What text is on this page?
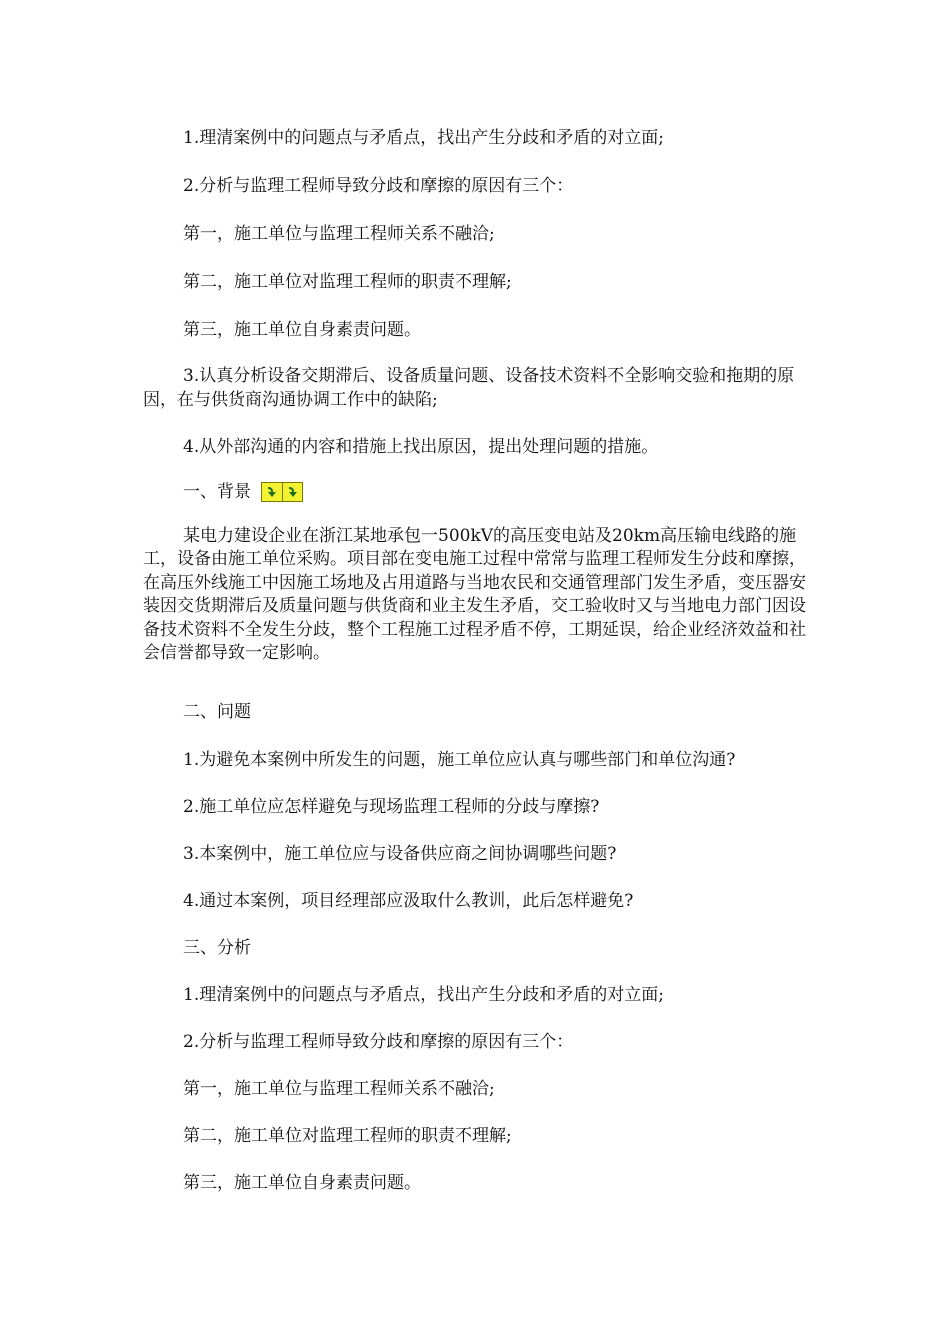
1.理清案例中的问题点与矛盾点，找出产生分歧和矛盾的对立面;

2.分析与监理工程师导致分歧和摩擦的原因有三个：

第一，施工单位与监理工程师关系不融洽;

第二，施工单位对监理工程师的职责不理解;

第三，施工单位自身素责问题。

3.认真分析设备交期滞后、设备质量问题、设备技术资料不全影响交验和拖期的原因，在与供货商沟通协调工作中的缺陷;

4.从外部沟通的内容和措施上找出原因，提出处理问题的措施。

一、背景

某电力建设企业在浙江某地承包一500kV的高压变电站及20km高压输电线路的施工，设备由施工单位采购。项目部在变电施工过程中常常与监理工程师发生分歧和摩擦，在高压外线施工中因施工场地及占用道路与当地农民和交通管理部门发生矛盾，变压器安装因交货期滞后及质量问题与供货商和业主发生矛盾，交工验收时又与当地电力部门因设备技术资料不全发生分歧，整个工程施工过程矛盾不停，工期延误，给企业经济效益和社会信誉都导致一定影响。

二、问题

1.为避免本案例中所发生的问题，施工单位应认真与哪些部门和单位沟通?

2.施工单位应怎样避免与现场监理工程师的分歧与摩擦?

3.本案例中，施工单位应与设备供应商之间协调哪些问题?

4.通过本案例，项目经理部应汲取什么教训，此后怎样避免?

三、分析

1.理清案例中的问题点与矛盾点，找出产生分歧和矛盾的对立面;

2.分析与监理工程师导致分歧和摩擦的原因有三个：

第一，施工单位与监理工程师关系不融洽;

第二，施工单位对监理工程师的职责不理解;

第三，施工单位自身素责问题。
